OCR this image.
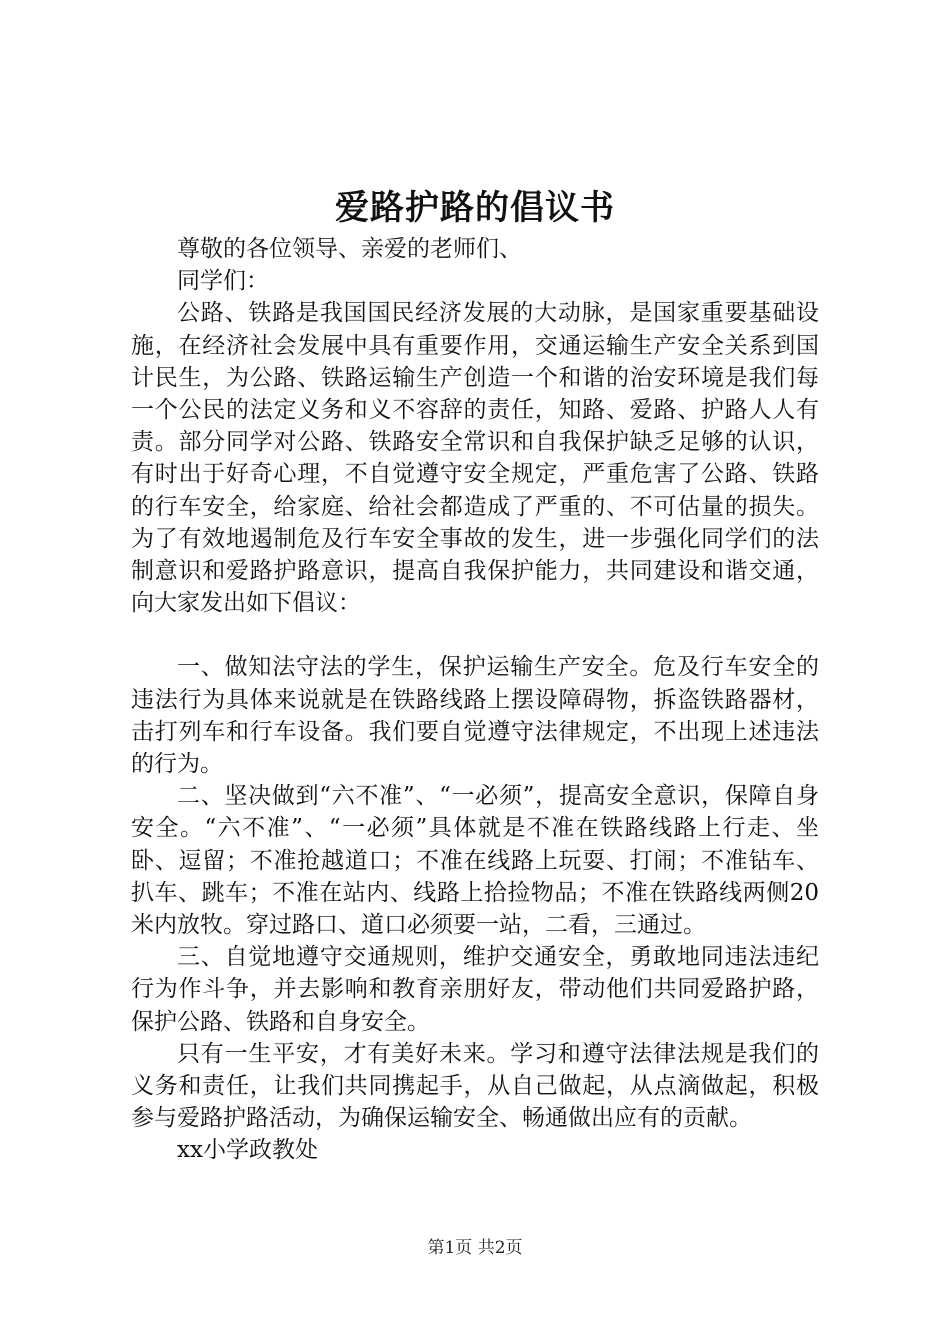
爱路护路的倡议书

尊敬的各位领导、亲爱的老师们、

同学们：

公路、铁路是我国国民经济发展的大动脉，是国家重要基础设施，在经济社会发展中具有重要作用，交通运输生产安全关系到国计民生，为公路、铁路运输生产创造一个和谐的治安环境是我们每一个公民的法定义务和义不容辞的责任，知路、爱路、护路人人有责。部分同学对公路、铁路安全常识和自我保护缺乏足够的认识，有时出于好奇心理，不自觉遵守安全规定，严重危害了公路、铁路的行车安全，给家庭、给社会都造成了严重的、不可估量的损失。为了有效地遏制危及行车安全事故的发生，进一步强化同学们的法制意识和爱路护路意识，提高自我保护能力，共同建设和谐交通，向大家发出如下倡议：

一、做知法守法的学生，保护运输生产安全。危及行车安全的违法行为具体来说就是在铁路线路上摆设障碍物，拆盗铁路器材，击打列车和行车设备。我们要自觉遵守法律规定，不出现上述违法的行为。

二、坚决做到“六不准”、“一必须”，提高安全意识，保障自身安全。“六不准”、“一必须”具体就是不准在铁路线路上行走、坐卧、逗留；不准抢越道口；不准在线路上玩耍、打闹；不准钻车、扒车、跳车；不准在站内、线路上拾捡物品；不准在铁路线两侧20米内放牧。穿过路口、道口必须要一站，二看，三通过。

三、自觉地遵守交通规则，维护交通安全，勇敢地同违法违纪行为作斗争，并去影响和教育亲朋好友，带动他们共同爱路护路，保护公路、铁路和自身安全。

只有一生平安，才有美好未来。学习和遵守法律法规是我们的义务和责任，让我们共同携起手，从自己做起，从点滴做起，积极参与爱路护路活动，为确保运输安全、畅通做出应有的贡献。

xx小学政教处

第1页 共2页
